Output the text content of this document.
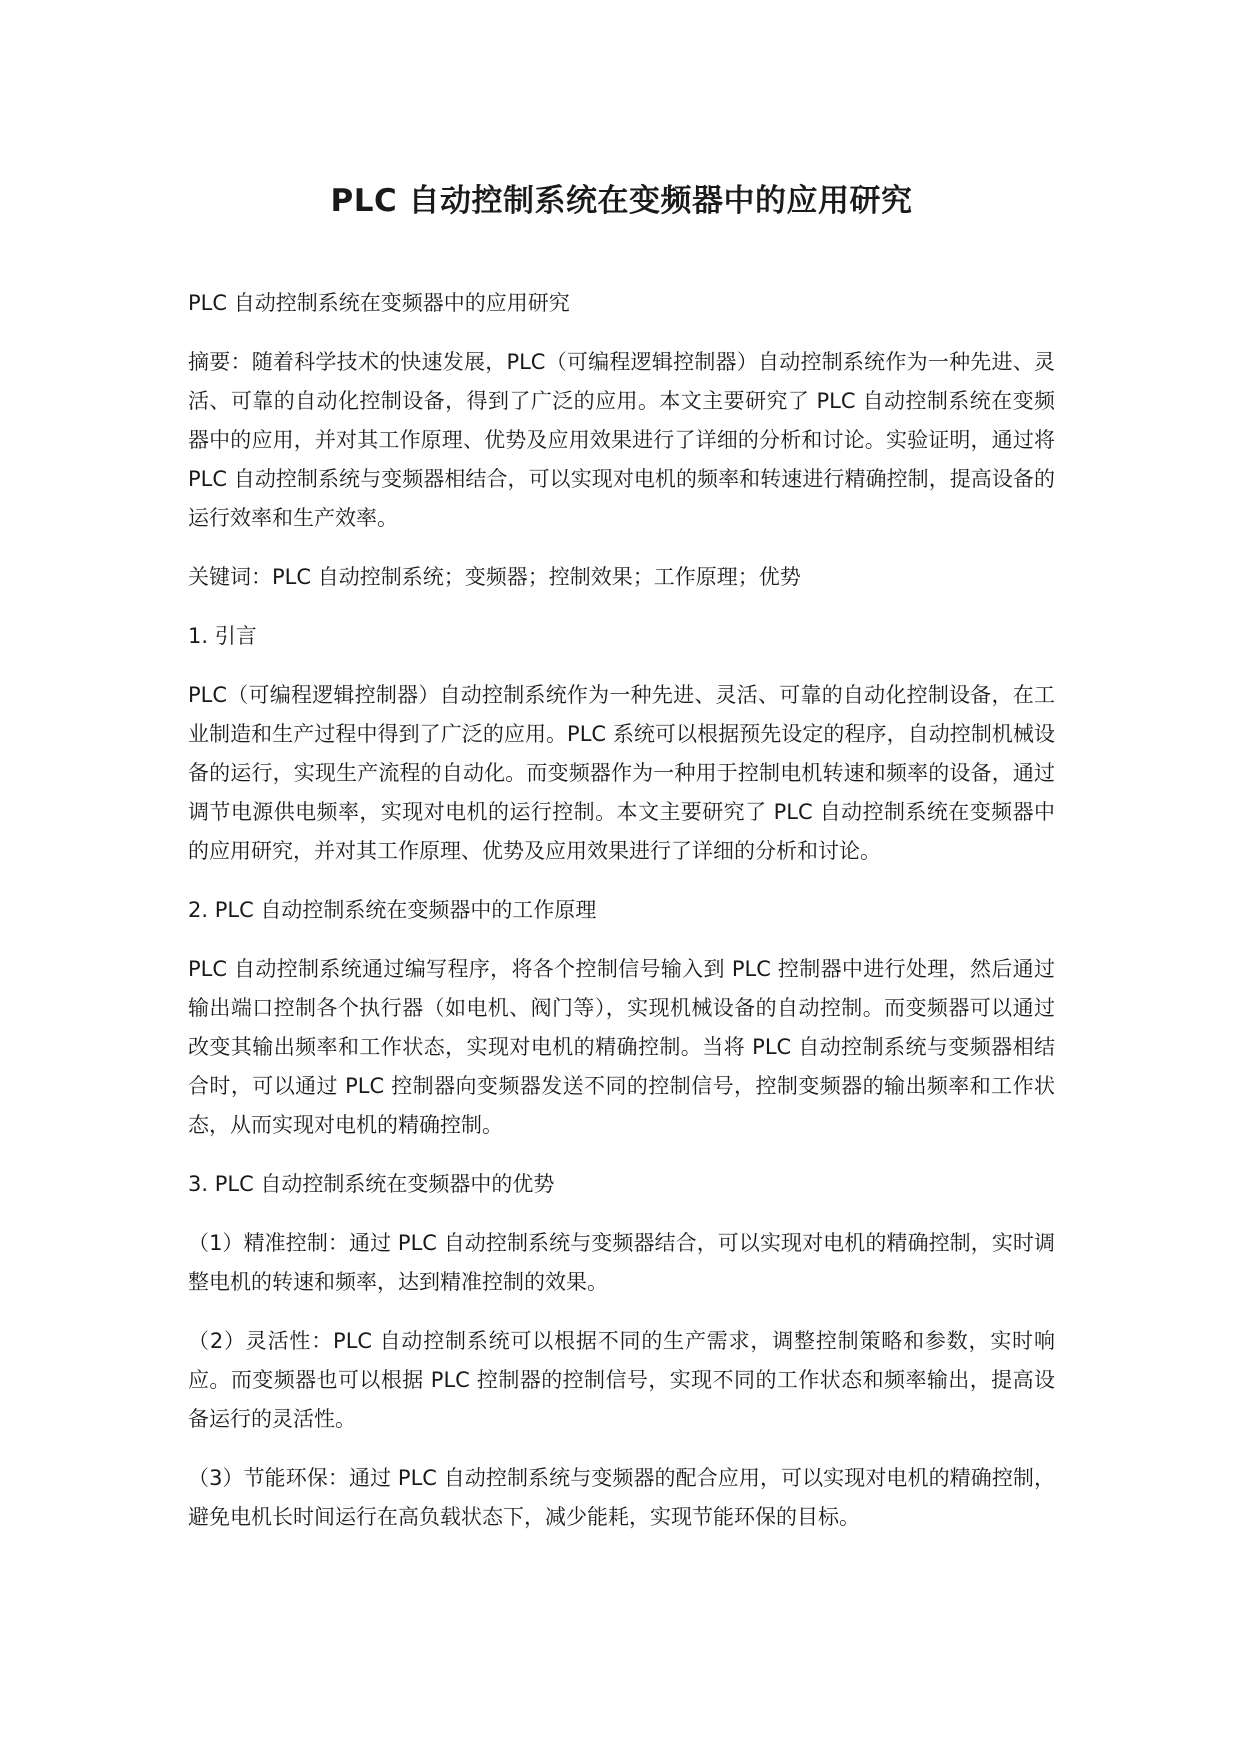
PLC 自动控制系统在变频器中的应用研究

PLC 自动控制系统在变频器中的应用研究

摘要：随着科学技术的快速发展，PLC（可编程逻辑控制器）自动控制系统作为一种先进、灵活、可靠的自动化控制设备，得到了广泛的应用。本文主要研究了 PLC 自动控制系统在变频器中的应用，并对其工作原理、优势及应用效果进行了详细的分析和讨论。实验证明，通过将 PLC 自动控制系统与变频器相结合，可以实现对电机的频率和转速进行精确控制，提高设备的运行效率和生产效率。

关键词：PLC 自动控制系统；变频器；控制效果；工作原理；优势

1. 引言

PLC（可编程逻辑控制器）自动控制系统作为一种先进、灵活、可靠的自动化控制设备，在工业制造和生产过程中得到了广泛的应用。PLC 系统可以根据预先设定的程序，自动控制机械设备的运行，实现生产流程的自动化。而变频器作为一种用于控制电机转速和频率的设备，通过调节电源供电频率，实现对电机的运行控制。本文主要研究了 PLC 自动控制系统在变频器中的应用研究，并对其工作原理、优势及应用效果进行了详细的分析和讨论。

2. PLC 自动控制系统在变频器中的工作原理

PLC 自动控制系统通过编写程序，将各个控制信号输入到 PLC 控制器中进行处理，然后通过输出端口控制各个执行器（如电机、阀门等），实现机械设备的自动控制。而变频器可以通过改变其输出频率和工作状态，实现对电机的精确控制。当将 PLC 自动控制系统与变频器相结合时，可以通过 PLC 控制器向变频器发送不同的控制信号，控制变频器的输出频率和工作状态，从而实现对电机的精确控制。

3. PLC 自动控制系统在变频器中的优势

（1）精准控制：通过 PLC 自动控制系统与变频器结合，可以实现对电机的精确控制，实时调整电机的转速和频率，达到精准控制的效果。

（2）灵活性：PLC 自动控制系统可以根据不同的生产需求，调整控制策略和参数，实时响应。而变频器也可以根据 PLC 控制器的控制信号，实现不同的工作状态和频率输出，提高设备运行的灵活性。

（3）节能环保：通过 PLC 自动控制系统与变频器的配合应用，可以实现对电机的精确控制，避免电机长时间运行在高负载状态下，减少能耗，实现节能环保的目标。
